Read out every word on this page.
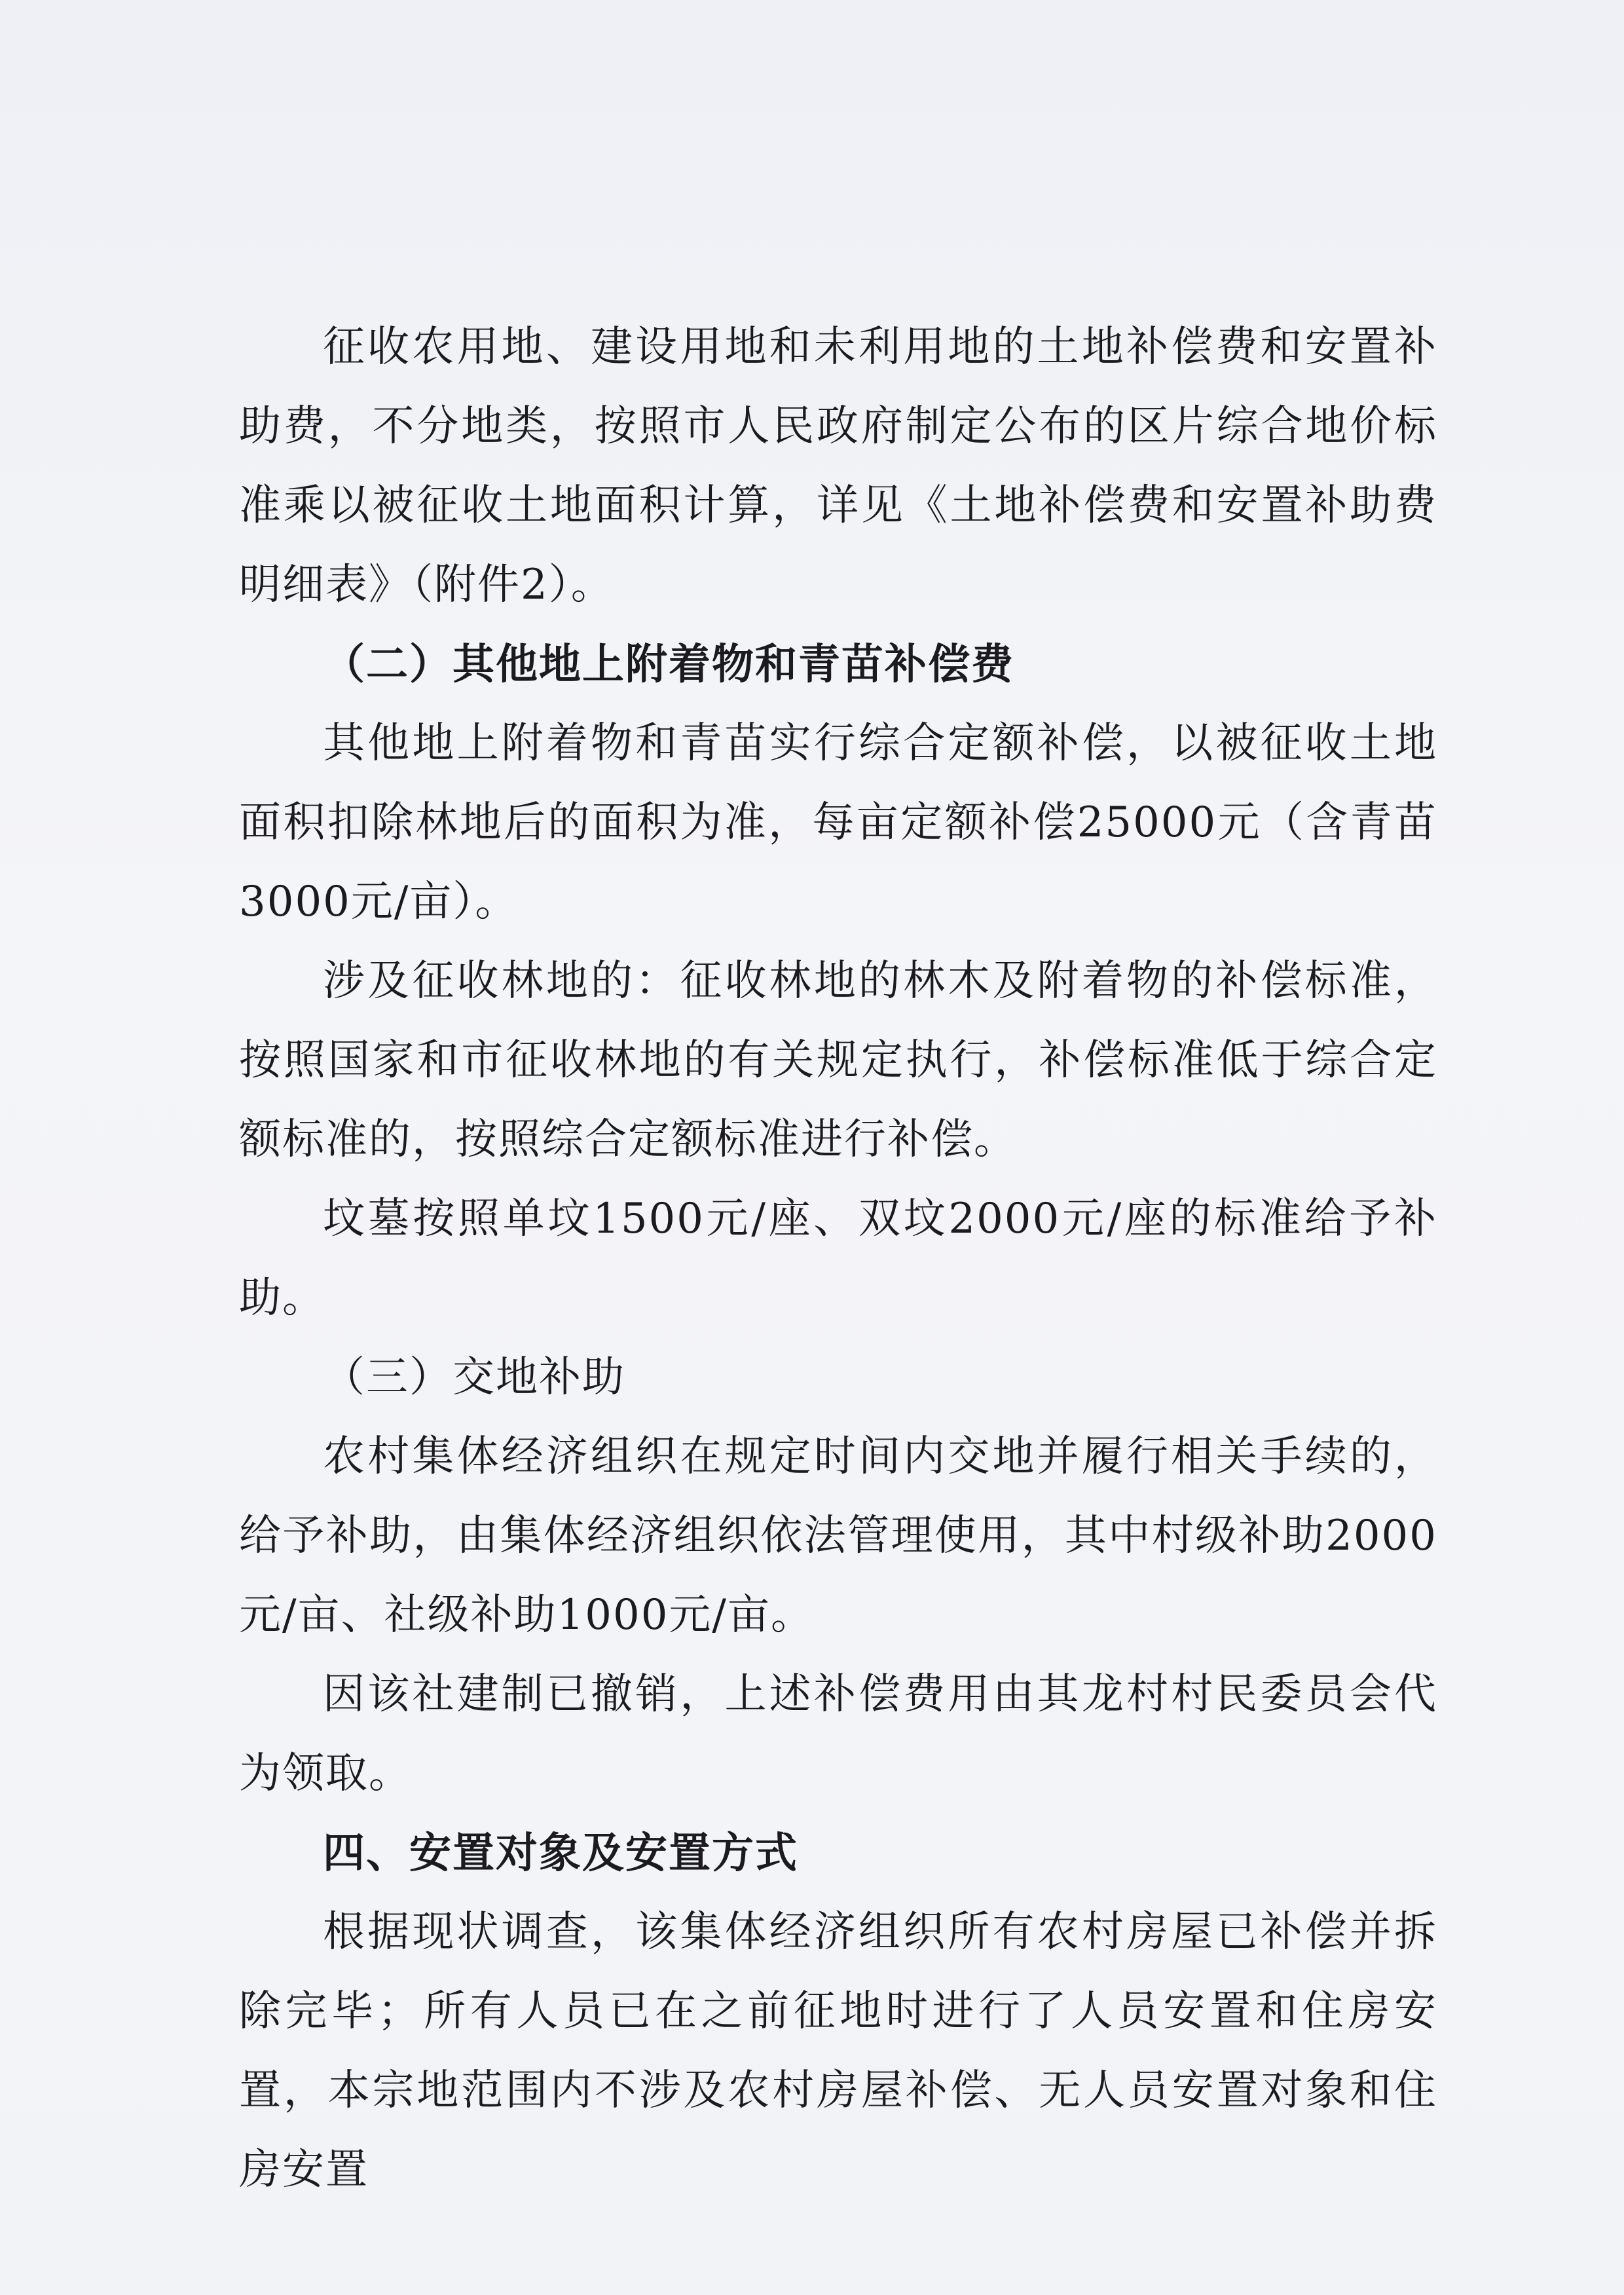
征收农用地、建设用地和未利用地的土地补偿费和安置补助费，不分地类，按照市人民政府制定公布的区片综合地价标准乘以被征收土地面积计算，详见《土地补偿费和安置补助费明细表》（附件2）。

（二）其他地上附着物和青苗补偿费

其他地上附着物和青苗实行综合定额补偿，以被征收土地面积扣除林地后的面积为准，每亩定额补偿25000元（含青苗3000元/亩）。

涉及征收林地的：征收林地的林木及附着物的补偿标准，按照国家和市征收林地的有关规定执行，补偿标准低于综合定额标准的，按照综合定额标准进行补偿。

坟墓按照单坟1500元/座、双坟2000元/座的标准给予补助。

（三）交地补助

农村集体经济组织在规定时间内交地并履行相关手续的，给予补助，由集体经济组织依法管理使用，其中村级补助2000元/亩、社级补助1000元/亩。

因该社建制已撤销，上述补偿费用由其龙村村民委员会代为领取。

四、安置对象及安置方式

根据现状调查，该集体经济组织所有农村房屋已补偿并拆除完毕；所有人员已在之前征地时进行了人员安置和住房安置，本宗地范围内不涉及农村房屋补偿、无人员安置对象和住房安置
